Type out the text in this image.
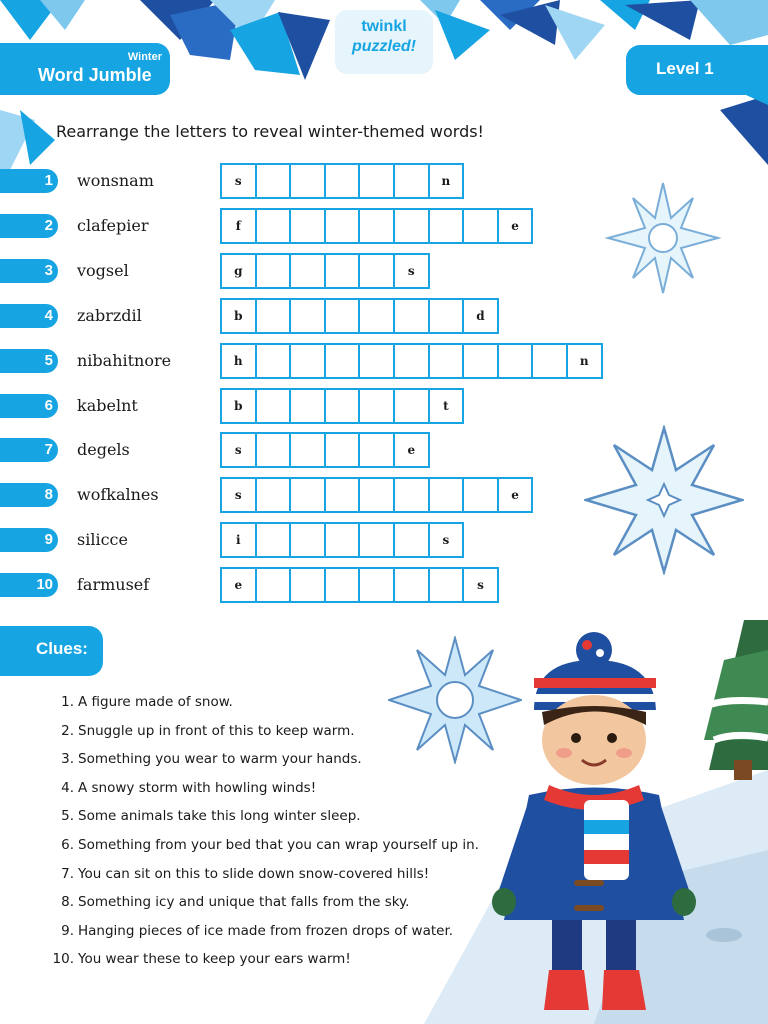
Winter
Word Jumble
twinkl
puzzled!
Level 1
Rearrange the letters to reveal winter-themed words!
1	wonsnam	s	n
2	clafepier	f	e
3	vogsel	g	s
4	zabrzdil	b	d
5	nibahitnore	h	n
6	kabelnt	b	t
7	degels	s	e
8	wofkalnes	s	e
9	silicce	i	s
10	farmusef	e	s
Clues:
1. A figure made of snow.
2. Snuggle up in front of this to keep warm.
3. Something you wear to warm your hands.
4. A snowy storm with howling winds!
5. Some animals take this long winter sleep.
6. Something from your bed that you can wrap yourself up in.
7. You can sit on this to slide down snow-covered hills!
8. Something icy and unique that falls from the sky.
9. Hanging pieces of ice made from frozen drops of water.
10. You wear these to keep your ears warm!
